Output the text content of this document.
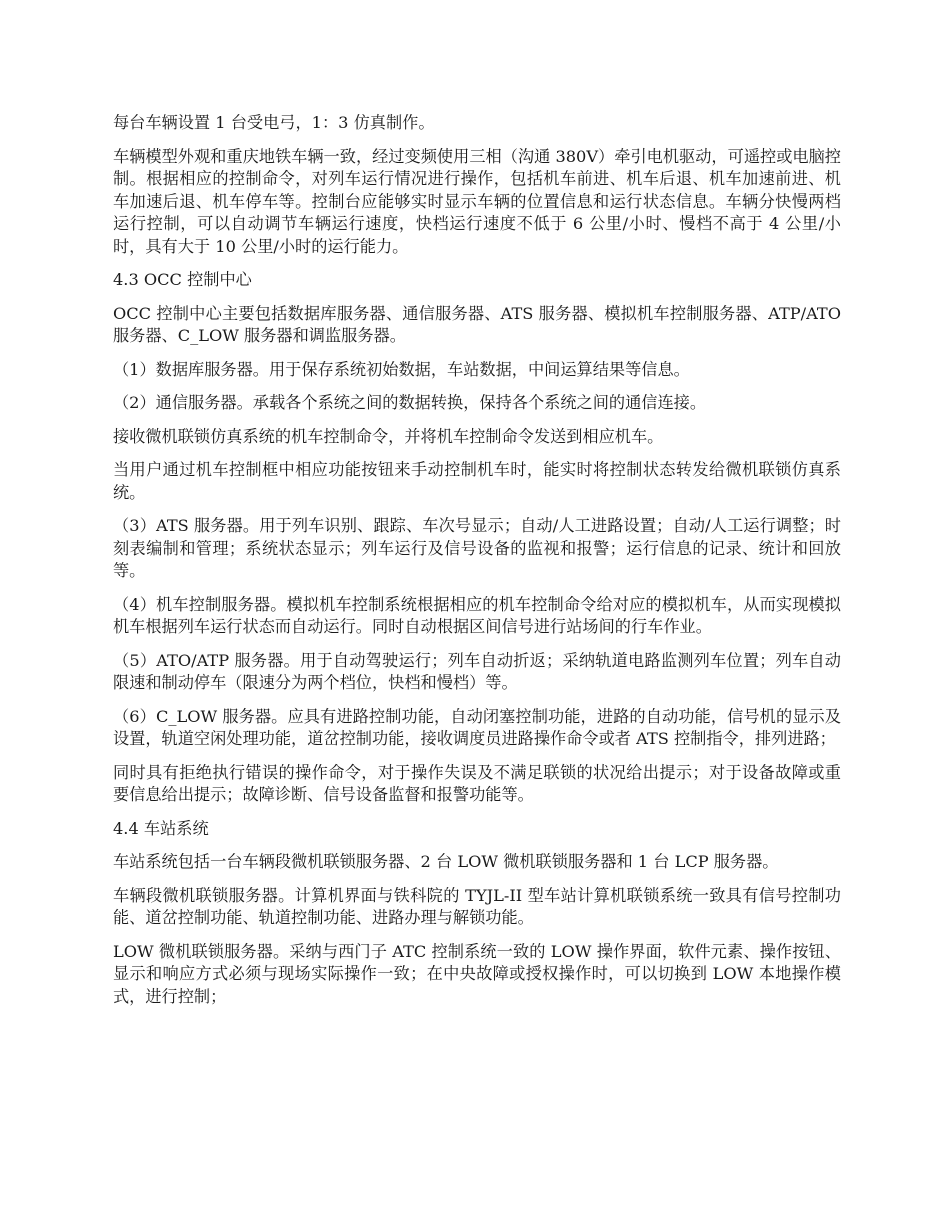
每台车辆设置 1 台受电弓，1：3 仿真制作。

车辆模型外观和重庆地铁车辆一致，经过变频使用三相（沟通 380V）牵引电机驱动，可遥控或电脑控制。根据相应的控制命令，对列车运行情况进行操作，包括机车前进、机车后退、机车加速前进、机车加速后退、机车停车等。控制台应能够实时显示车辆的位置信息和运行状态信息。车辆分快慢两档运行控制，可以自动调节车辆运行速度，快档运行速度不低于 6 公里/小时、慢档不高于 4 公里/小时，具有大于 10 公里/小时的运行能力。

4.3 OCC 控制中心

OCC 控制中心主要包括数据库服务器、通信服务器、ATS 服务器、模拟机车控制服务器、ATP/ATO 服务器、C_LOW 服务器和调监服务器。

（1）数据库服务器。用于保存系统初始数据，车站数据，中间运算结果等信息。

（2）通信服务器。承载各个系统之间的数据转换，保持各个系统之间的通信连接。

接收微机联锁仿真系统的机车控制命令，并将机车控制命令发送到相应机车。

当用户通过机车控制框中相应功能按钮来手动控制机车时，能实时将控制状态转发给微机联锁仿真系统。

（3）ATS 服务器。用于列车识别、跟踪、车次号显示；自动/人工进路设置；自动/人工运行调整；时刻表编制和管理；系统状态显示；列车运行及信号设备的监视和报警；运行信息的记录、统计和回放等。

（4）机车控制服务器。模拟机车控制系统根据相应的机车控制命令给对应的模拟机车，从而实现模拟机车根据列车运行状态而自动运行。同时自动根据区间信号进行站场间的行车作业。

（5）ATO/ATP 服务器。用于自动驾驶运行；列车自动折返；采纳轨道电路监测列车位置；列车自动限速和制动停车（限速分为两个档位，快档和慢档）等。

（6）C_LOW 服务器。应具有进路控制功能，自动闭塞控制功能，进路的自动功能，信号机的显示及设置，轨道空闲处理功能，道岔控制功能，接收调度员进路操作命令或者 ATS 控制指令，排列进路；

同时具有拒绝执行错误的操作命令，对于操作失误及不满足联锁的状况给出提示；对于设备故障或重要信息给出提示；故障诊断、信号设备监督和报警功能等。

4.4 车站系统

车站系统包括一台车辆段微机联锁服务器、2 台 LOW 微机联锁服务器和 1 台 LCP 服务器。

车辆段微机联锁服务器。计算机界面与铁科院的 TYJL-II 型车站计算机联锁系统一致具有信号控制功能、道岔控制功能、轨道控制功能、进路办理与解锁功能。

LOW 微机联锁服务器。采纳与西门子 ATC 控制系统一致的 LOW 操作界面，软件元素、操作按钮、显示和响应方式必须与现场实际操作一致；在中央故障或授权操作时，可以切换到 LOW 本地操作模式，进行控制；
